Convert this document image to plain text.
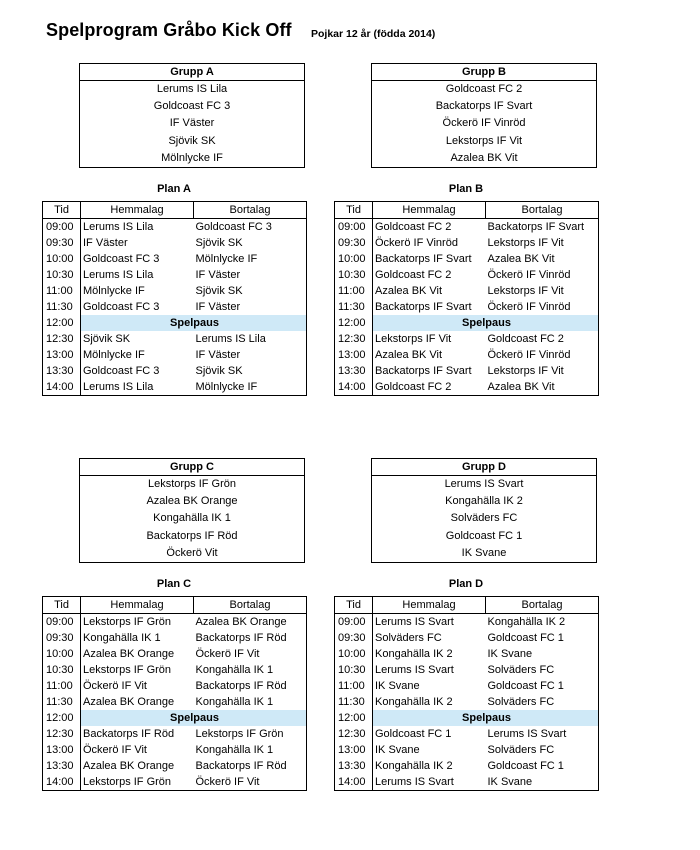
Spelprogram Gråbo Kick Off Pojkar 12 år (födda 2014)
Grupp A
Lerums IS Lila
Goldcoast FC 3
IF Väster
Sjövik SK
Mölnlycke IF
Grupp B
Goldcoast FC 2
Backatorps IF Svart
Öckerö IF Vinröd
Lekstorps IF Vit
Azalea BK Vit
Grupp C
Lekstorps IF Grön
Azalea BK Orange
Kongahälla IK 1
Backatorps IF Röd
Öckerö Vit
Grupp D
Lerums IS Svart
Kongahälla IK 2
Solväders FC
Goldcoast FC 1
IK Svane
Plan A
Tid	Hemmalag	Bortalag
09:00	Lerums IS Lila	Goldcoast FC 3
09:30	IF Väster	Sjövik SK
10:00	Goldcoast FC 3	Mölnlycke IF
10:30	Lerums IS Lila	IF Väster
11:00	Mölnlycke IF	Sjövik SK
11:30	Goldcoast FC 3	IF Väster
12:00	Spelpaus	
12:30	Sjövik SK	Lerums IS Lila
13:00	Mölnlycke IF	IF Väster
13:30	Goldcoast FC 3	Sjövik SK
14:00	Lerums IS Lila	Mölnlycke IF
Plan B
Tid	Hemmalag	Bortalag
09:00	Goldcoast FC 2	Backatorps IF Svart
09:30	Öckerö IF Vinröd	Lekstorps IF Vit
10:00	Backatorps IF Svart	Azalea BK Vit
10:30	Goldcoast FC 2	Öckerö IF Vinröd
11:00	Azalea BK Vit	Lekstorps IF Vit
11:30	Backatorps IF Svart	Öckerö IF Vinröd
12:00	Spelpaus	
12:30	Lekstorps IF Vit	Goldcoast FC 2
13:00	Azalea BK Vit	Öckerö IF Vinröd
13:30	Backatorps IF Svart	Lekstorps IF Vit
14:00	Goldcoast FC 2	Azalea BK Vit
Plan C
Tid	Hemmalag	Bortalag
09:00	Lekstorps IF Grön	Azalea BK Orange
09:30	Kongahälla IK 1	Backatorps IF Röd
10:00	Azalea BK Orange	Öckerö IF Vit
10:30	Lekstorps IF Grön	Kongahälla IK 1
11:00	Öckerö IF Vit	Backatorps IF Röd
11:30	Azalea BK Orange	Kongahälla IK 1
12:00	Spelpaus	
12:30	Backatorps IF Röd	Lekstorps IF Grön
13:00	Öckerö IF Vit	Kongahälla IK 1
13:30	Azalea BK Orange	Backatorps IF Röd
14:00	Lekstorps IF Grön	Öckerö IF Vit
Plan D
Tid	Hemmalag	Bortalag
09:00	Lerums IS Svart	Kongahälla IK 2
09:30	Solväders FC	Goldcoast FC 1
10:00	Kongahälla IK 2	IK Svane
10:30	Lerums IS Svart	Solväders FC
11:00	IK Svane	Goldcoast FC 1
11:30	Kongahälla IK 2	Solväders FC
12:00	Spelpaus	
12:30	Goldcoast FC 1	Lerums IS Svart
13:00	IK Svane	Solväders FC
13:30	Kongahälla IK 2	Goldcoast FC 1
14:00	Lerums IS Svart	IK Svane
